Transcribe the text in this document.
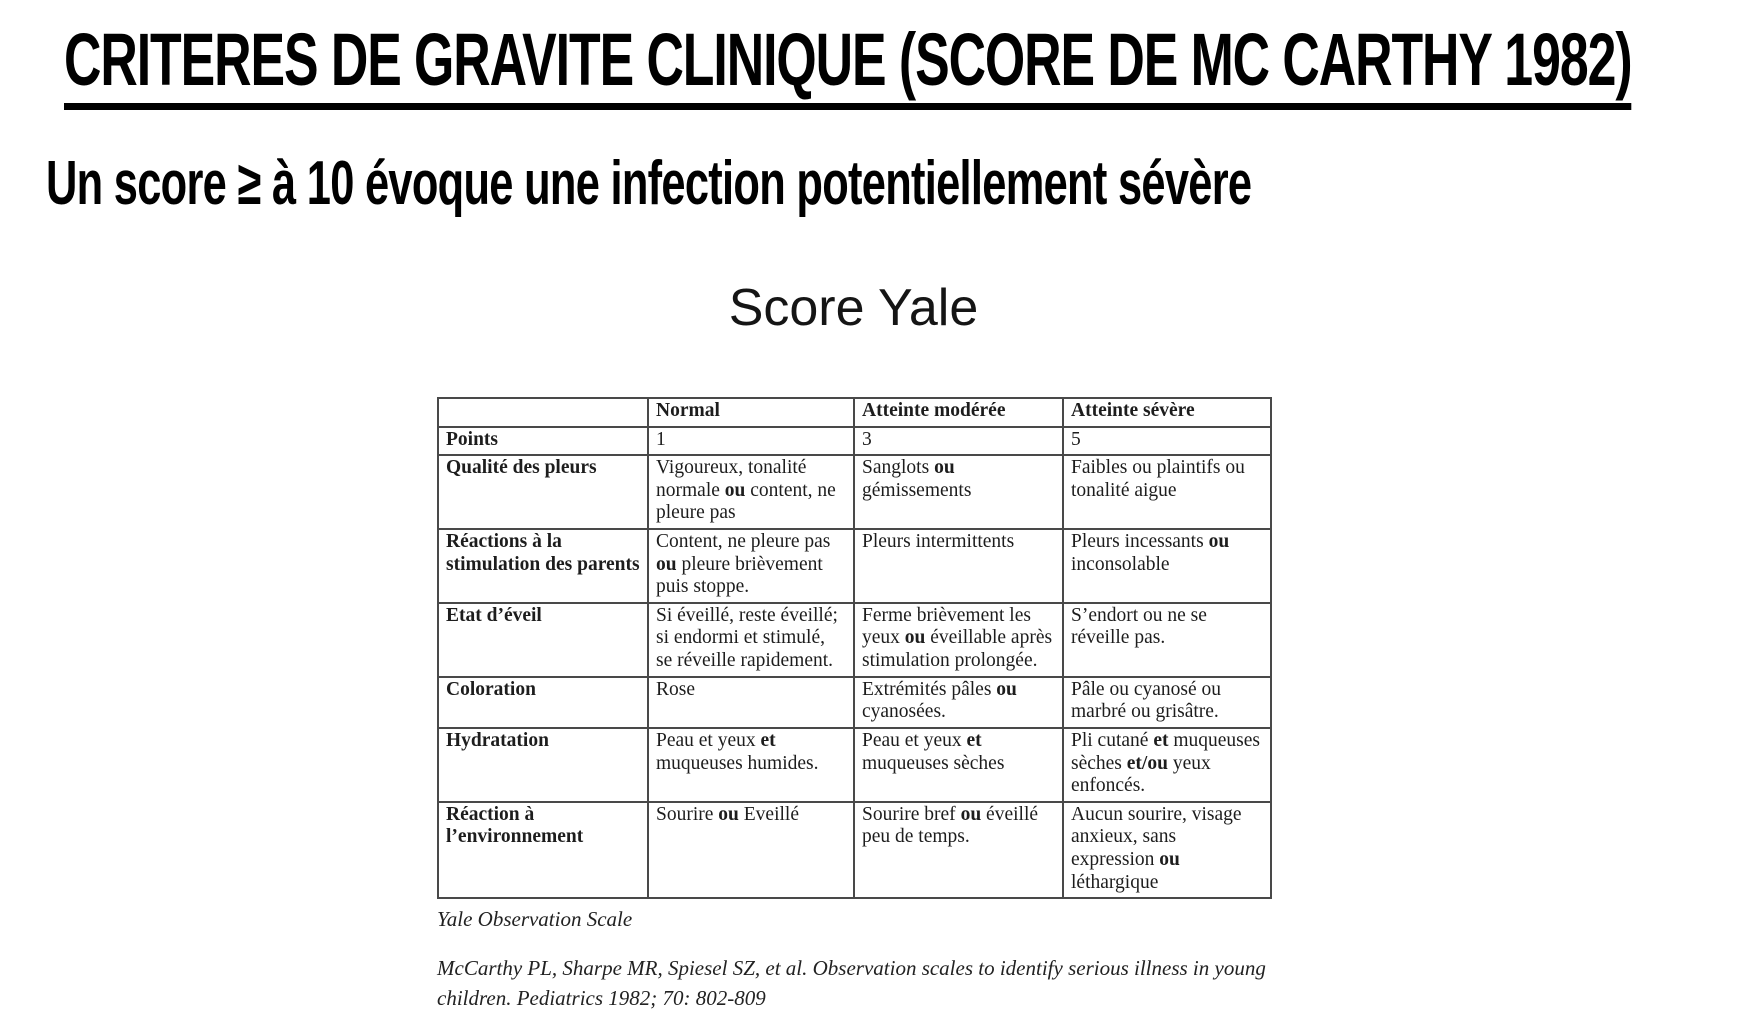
CRITERES DE GRAVITE CLINIQUE (SCORE DE MC CARTHY 1982)
Un score ≥ à 10 évoque une infection potentiellement sévère
Score Yale
	Normal	Atteinte modérée	Atteinte sévère
Points	1	3	5
Qualité des pleurs	Vigoureux, tonalité normale ou content, ne pleure pas	Sanglots ou gémissements	Faibles ou plaintifs ou tonalité aigue
Réactions à la stimulation des parents	Content, ne pleure pas ou pleure brièvement puis stoppe.	Pleurs intermittents	Pleurs incessants ou inconsolable
Etat d’éveil	Si éveillé, reste éveillé; si endormi et stimulé, se réveille rapidement.	Ferme brièvement les yeux ou éveillable après stimulation prolongée.	S’endort ou ne se réveille pas.
Coloration	Rose	Extrémités pâles ou cyanosées.	Pâle ou cyanosé ou marbré ou grisâtre.
Hydratation	Peau et yeux et muqueuses humides.	Peau et yeux et muqueuses sèches	Pli cutané et muqueuses sèches et/ou yeux enfoncés.
Réaction à l’environnement	Sourire ou Eveillé	Sourire bref ou éveillé peu de temps.	Aucun sourire, visage anxieux, sans expression ou léthargique
Yale Observation Scale
McCarthy PL, Sharpe MR, Spiesel SZ, et al. Observation scales to identify serious illness in young children. Pediatrics 1982; 70: 802-809
